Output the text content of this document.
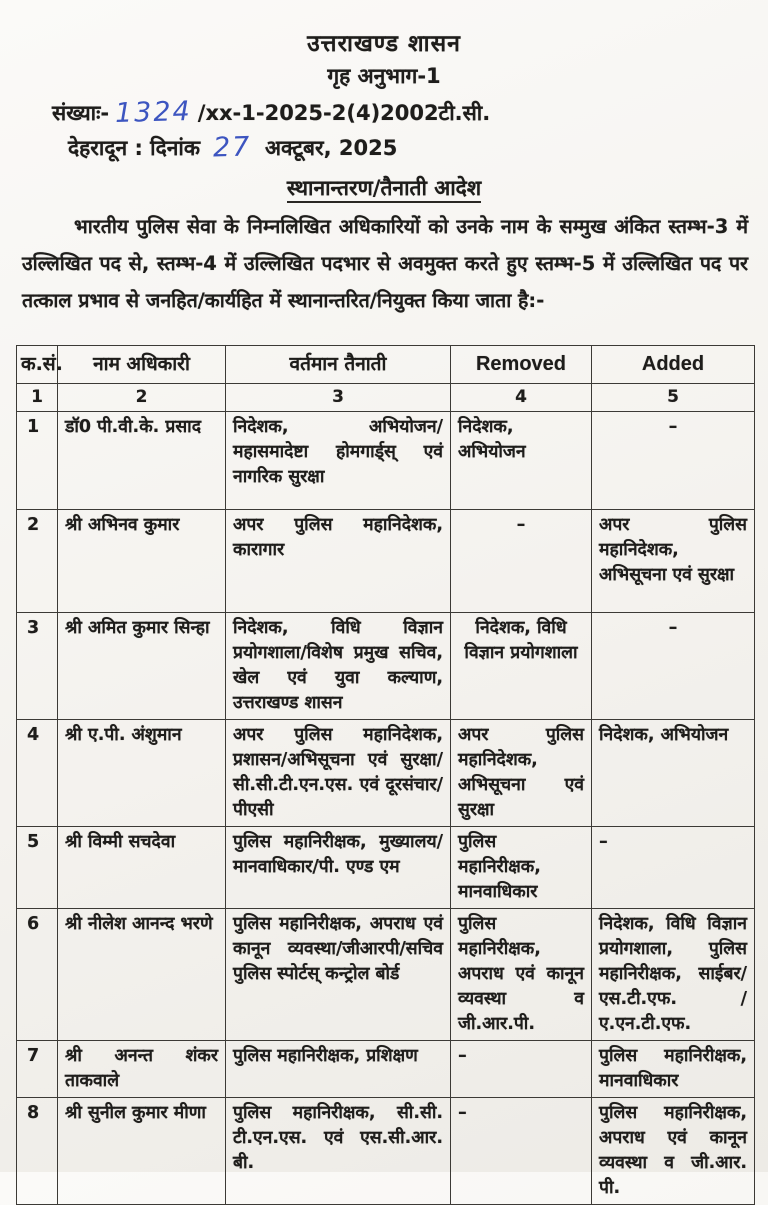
उत्तराखण्ड शासन
गृह अनुभाग-1
संख्याः- 1324 /xx-1-2025-2(4)2002टी.सी.
देहरादून : दिनांक 27 अक्टूबर, 2025
स्थानान्तरण/तैनाती आदेश

भारतीय पुलिस सेवा के निम्नलिखित अधिकारियों को उनके नाम के सम्मुख अंकित स्तम्भ-3 में उल्लिखित पद से, स्तम्भ-4 में उल्लिखित पदभार से अवमुक्त करते हुए स्तम्भ-5 में उल्लिखित पद पर तत्काल प्रभाव से जनहित/कार्यहित में स्थानान्तरित/नियुक्त किया जाता है:-

क.सं.	नाम अधिकारी	वर्तमान तैनाती	Removed	Added
1	2	3	4	5
1	डॉ0 पी.वी.के. प्रसाद	निदेशक, अभियोजन/महासमादेष्टा होमगार्ड्स् एवं नागरिक सुरक्षा	निदेशक, अभियोजन	–
2	श्री अभिनव कुमार	अपर पुलिस महानिदेशक, कारागार	–	अपर पुलिस महानिदेशक, अभिसूचना एवं सुरक्षा
3	श्री अमित कुमार सिन्हा	निदेशक, विधि विज्ञान प्रयोगशाला/विशेष प्रमुख सचिव, खेल एवं युवा कल्याण, उत्तराखण्ड शासन	निदेशक, विधि विज्ञान प्रयोगशाला	–
4	श्री ए.पी. अंशुमान	अपर पुलिस महानिदेशक, प्रशासन/अभिसूचना एवं सुरक्षा/सी.सी.टी.एन.एस. एवं दूरसंचार/पीएसी	अपर पुलिस महानिदेशक, अभिसूचना एवं सुरक्षा	निदेशक, अभियोजन
5	श्री विम्मी सचदेवा	पुलिस महानिरीक्षक, मुख्यालय/मानवाधिकार/पी. एण्ड एम	पुलिस महानिरीक्षक, मानवाधिकार	–
6	श्री नीलेश आनन्द भरणे	पुलिस महानिरीक्षक, अपराध एवं कानून व्यवस्था/जीआरपी/सचिव पुलिस स्पोर्टस् कन्ट्रोल बोर्ड	पुलिस महानिरीक्षक, अपराध एवं कानून व्यवस्था व जी.आर.पी.	निदेशक, विधि विज्ञान प्रयोगशाला, पुलिस महानिरीक्षक, साईबर/एस.टी.एफ. /ए.एन.टी.एफ.
7	श्री अनन्त शंकर ताकवाले	पुलिस महानिरीक्षक, प्रशिक्षण	–	पुलिस महानिरीक्षक, मानवाधिकार
8	श्री सुनील कुमार मीणा	पुलिस महानिरीक्षक, सी.सी. टी.एन.एस. एवं एस.सी.आर. बी.	–	पुलिस महानिरीक्षक, अपराध एवं कानून व्यवस्था व जी.आर. पी.
